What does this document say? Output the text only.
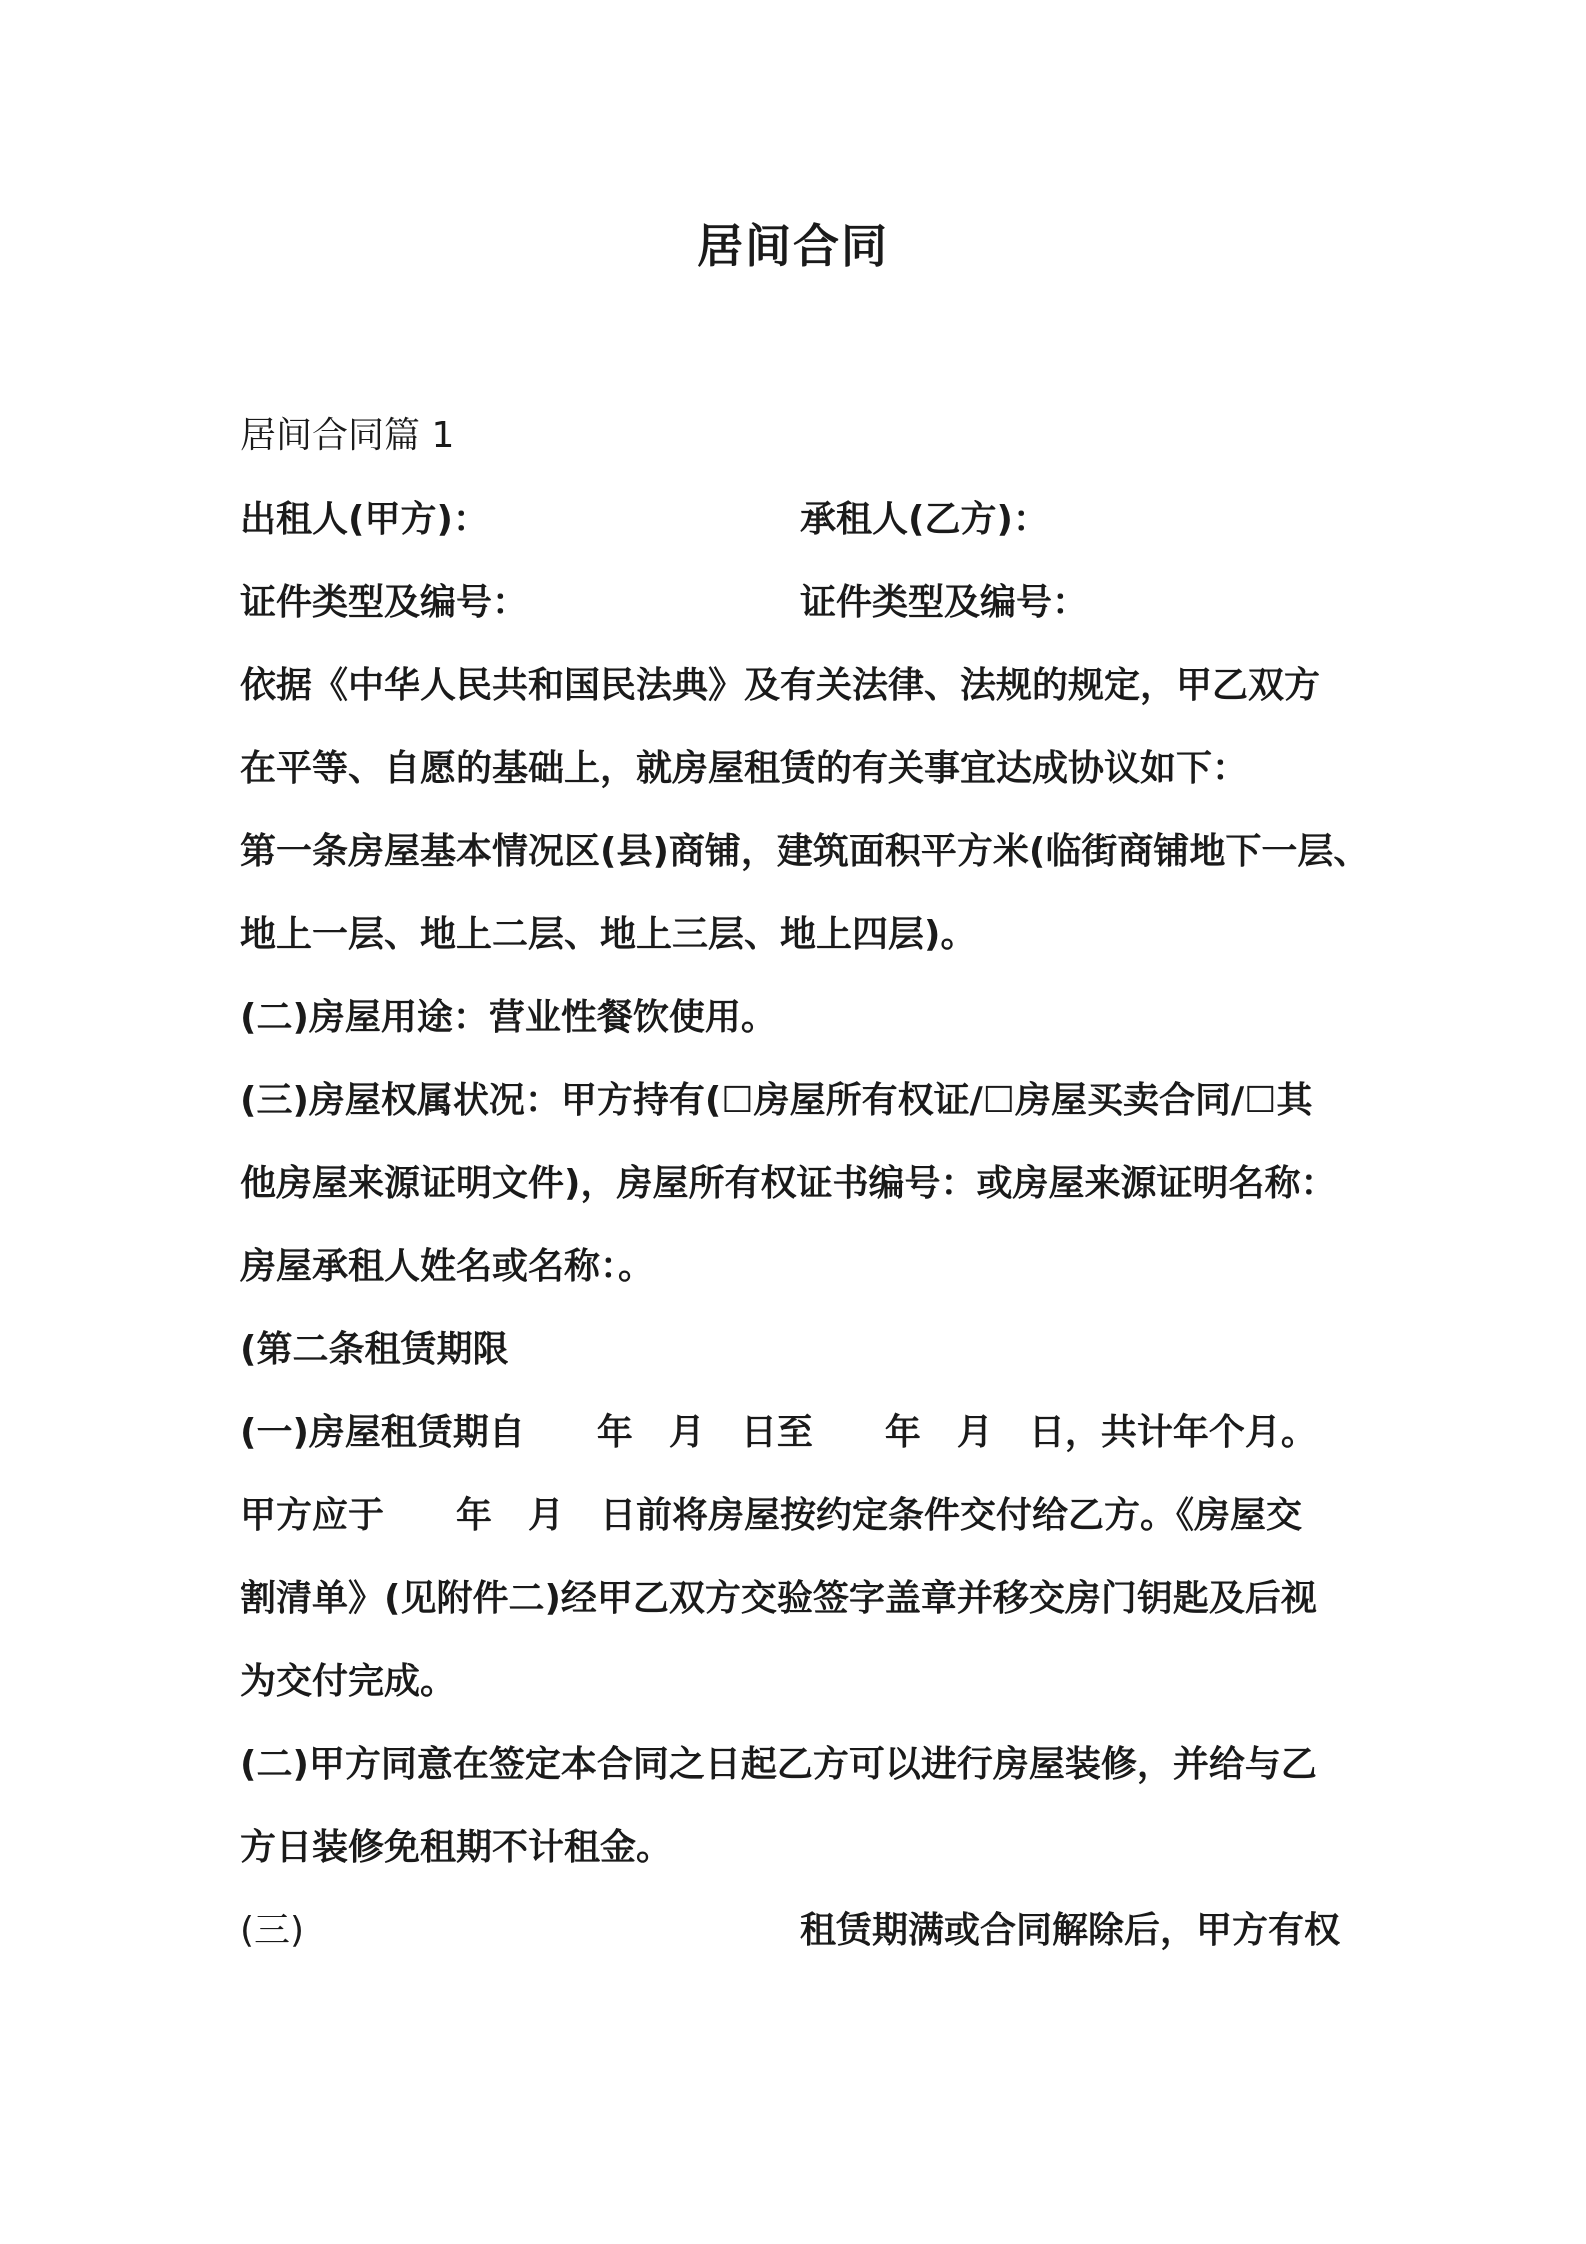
居间合同
居间合同篇 1
出租人(甲方)：	承租人(乙方)：
证件类型及编号：	证件类型及编号：
依据《中华人民共和国民法典》及有关法律、法规的规定，甲乙双方
在平等、自愿的基础上，就房屋租赁的有关事宜达成协议如下：
第一条房屋基本情况区(县)商铺，建筑面积平方米(临街商铺地下一层、
地上一层、地上二层、地上三层、地上四层)。
(二)房屋用途：营业性餐饮使用。
(三)房屋权属状况：甲方持有(☐房屋所有权证/☐房屋买卖合同/☐其
他房屋来源证明文件)，房屋所有权证书编号：或房屋来源证明名称：
房屋承租人姓名或名称：。
(第二条租赁期限
(一)房屋租赁期自　　年　月　日至　　年　月　日，共计年个月。
甲方应于　　年　月　日前将房屋按约定条件交付给乙方。《房屋交
割清单》(见附件二)经甲乙双方交验签字盖章并移交房门钥匙及后视
为交付完成。
(二)甲方同意在签定本合同之日起乙方可以进行房屋装修，并给与乙
方日装修免租期不计租金。
(三)	租赁期满或合同解除后，甲方有权
